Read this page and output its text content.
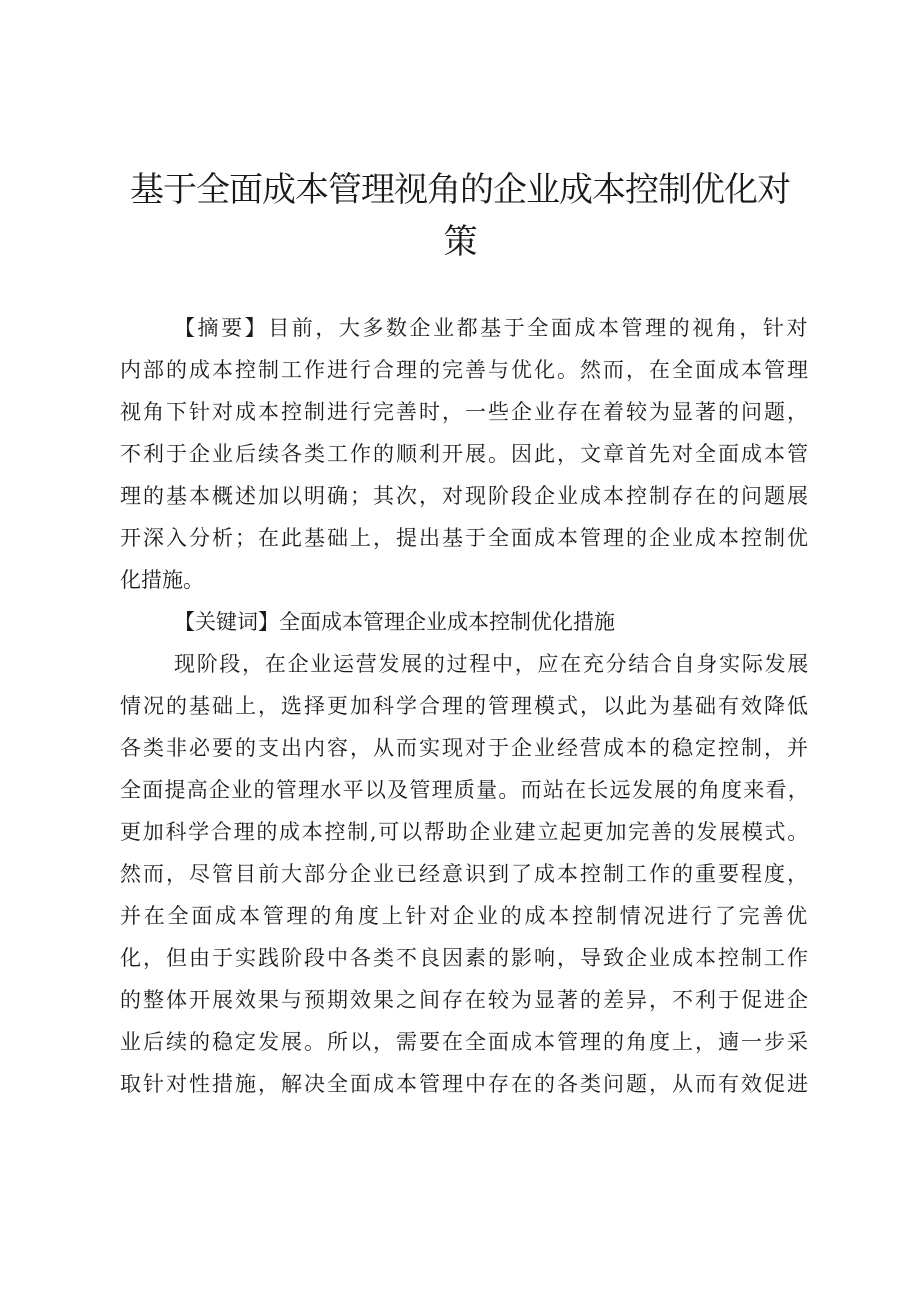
基于全面成本管理视角的企业成本控制优化对
策
【摘要】目前，大多数企业都基于全面成本管理的视角，针对
内部的成本控制工作进行合理的完善与优化。然而，在全面成本管理
视角下针对成本控制进行完善时，一些企业存在着较为显著的问题，
不利于企业后续各类工作的顺利开展。因此，文章首先对全面成本管
理的基本概述加以明确；其次，对现阶段企业成本控制存在的问题展
开深入分析；在此基础上，提出基于全面成本管理的企业成本控制优
化措施。
【关键词】全面成本管理企业成本控制优化措施
现阶段，在企业运营发展的过程中，应在充分结合自身实际发展
情况的基础上，选择更加科学合理的管理模式，以此为基础有效降低
各类非必要的支出内容，从而实现对于企业经营成本的稳定控制，并
全面提高企业的管理水平以及管理质量。而站在长远发展的角度来看，
更加科学合理的成本控制,可以帮助企业建立起更加完善的发展模式。
然而，尽管目前大部分企业已经意识到了成本控制工作的重要程度，
并在全面成本管理的角度上针对企业的成本控制情况进行了完善优
化，但由于实践阶段中各类不良因素的影响，导致企业成本控制工作
的整体开展效果与预期效果之间存在较为显著的差异，不利于促进企
业后续的稳定发展。所以，需要在全面成本管理的角度上，遖一步采
取针对性措施，解决全面成本管理中存在的各类问题，从而有效促进
